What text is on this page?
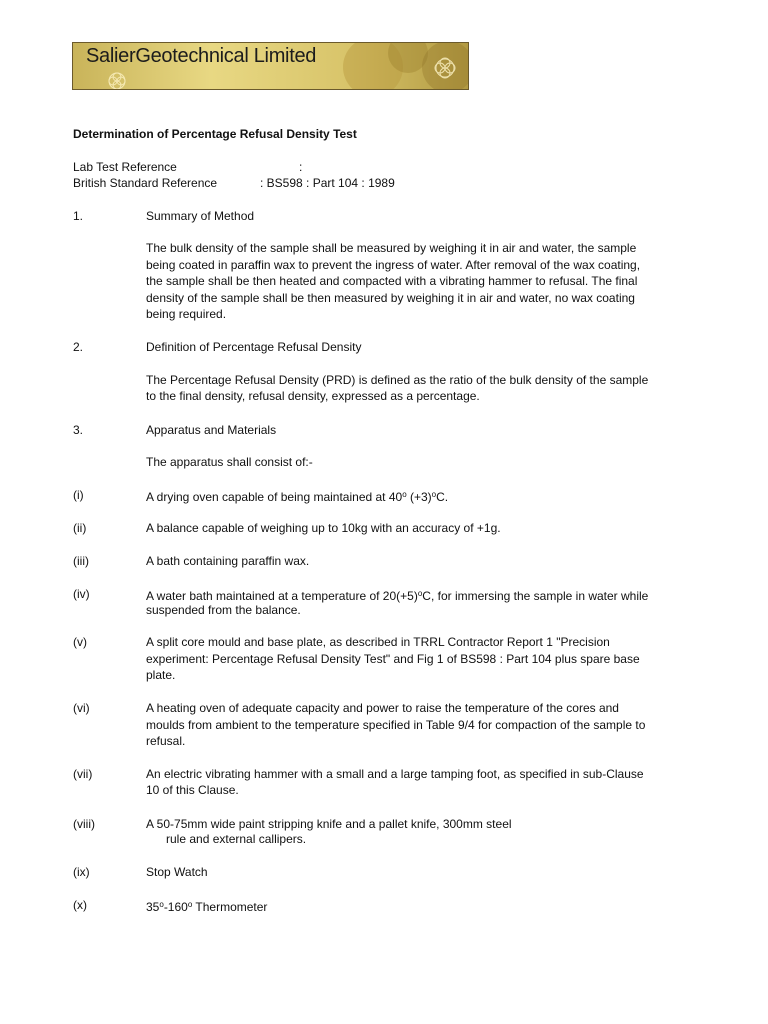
SalierGeotechnical Limited
Determination of Percentage Refusal Density Test
Lab Test Reference	:
British Standard Reference	: BS598 : Part 104 : 1989
1.	Summary of Method
The bulk density of the sample shall be measured by weighing it in air and water, the sample
being coated in paraffin wax to prevent the ingress of water. After removal of the wax coating,
the sample shall be then heated and compacted with a vibrating hammer to refusal. The final
density of the sample shall be then measured by weighing it in air and water, no wax coating
being required.
2.	Definition of Percentage Refusal Density
The Percentage Refusal Density (PRD) is defined as the ratio of the bulk density of the sample
to the final density, refusal density, expressed as a percentage.
3.	Apparatus and Materials
The apparatus shall consist of:-
(i)	A drying oven capable of being maintained at 40$^o$ $(+3)^oC$.
(ii)	A balance capable of weighing up to 10kg with an accuracy of +1g.
(iii)	A bath containing paraffin wax.
(iv)	A water bath maintained at a temperature of $20(+5)^oC$, for immersing the sample in water while
suspended from the balance.
(v)	A split core mould and base plate, as described in TRRL Contractor Report 1 "Precision
experiment: Percentage Refusal Density Test" and Fig 1 of BS598 : Part 104 plus spare base
plate.
(vi)	A heating oven of adequate capacity and power to raise the temperature of the cores and
moulds from ambient to the temperature specified in Table 9/4 for compaction of the sample to
refusal.
(vii)	An electric vibrating hammer with a small and a large tamping foot, as specified in sub-Clause
10 of this Clause.
(viii)	A 50-75mm wide paint stripping knife and a pallet knife, 300mm steel
rule and external callipers.
(ix)	Stop Watch
(x)	35$^o$-160$^o$ Thermometer
